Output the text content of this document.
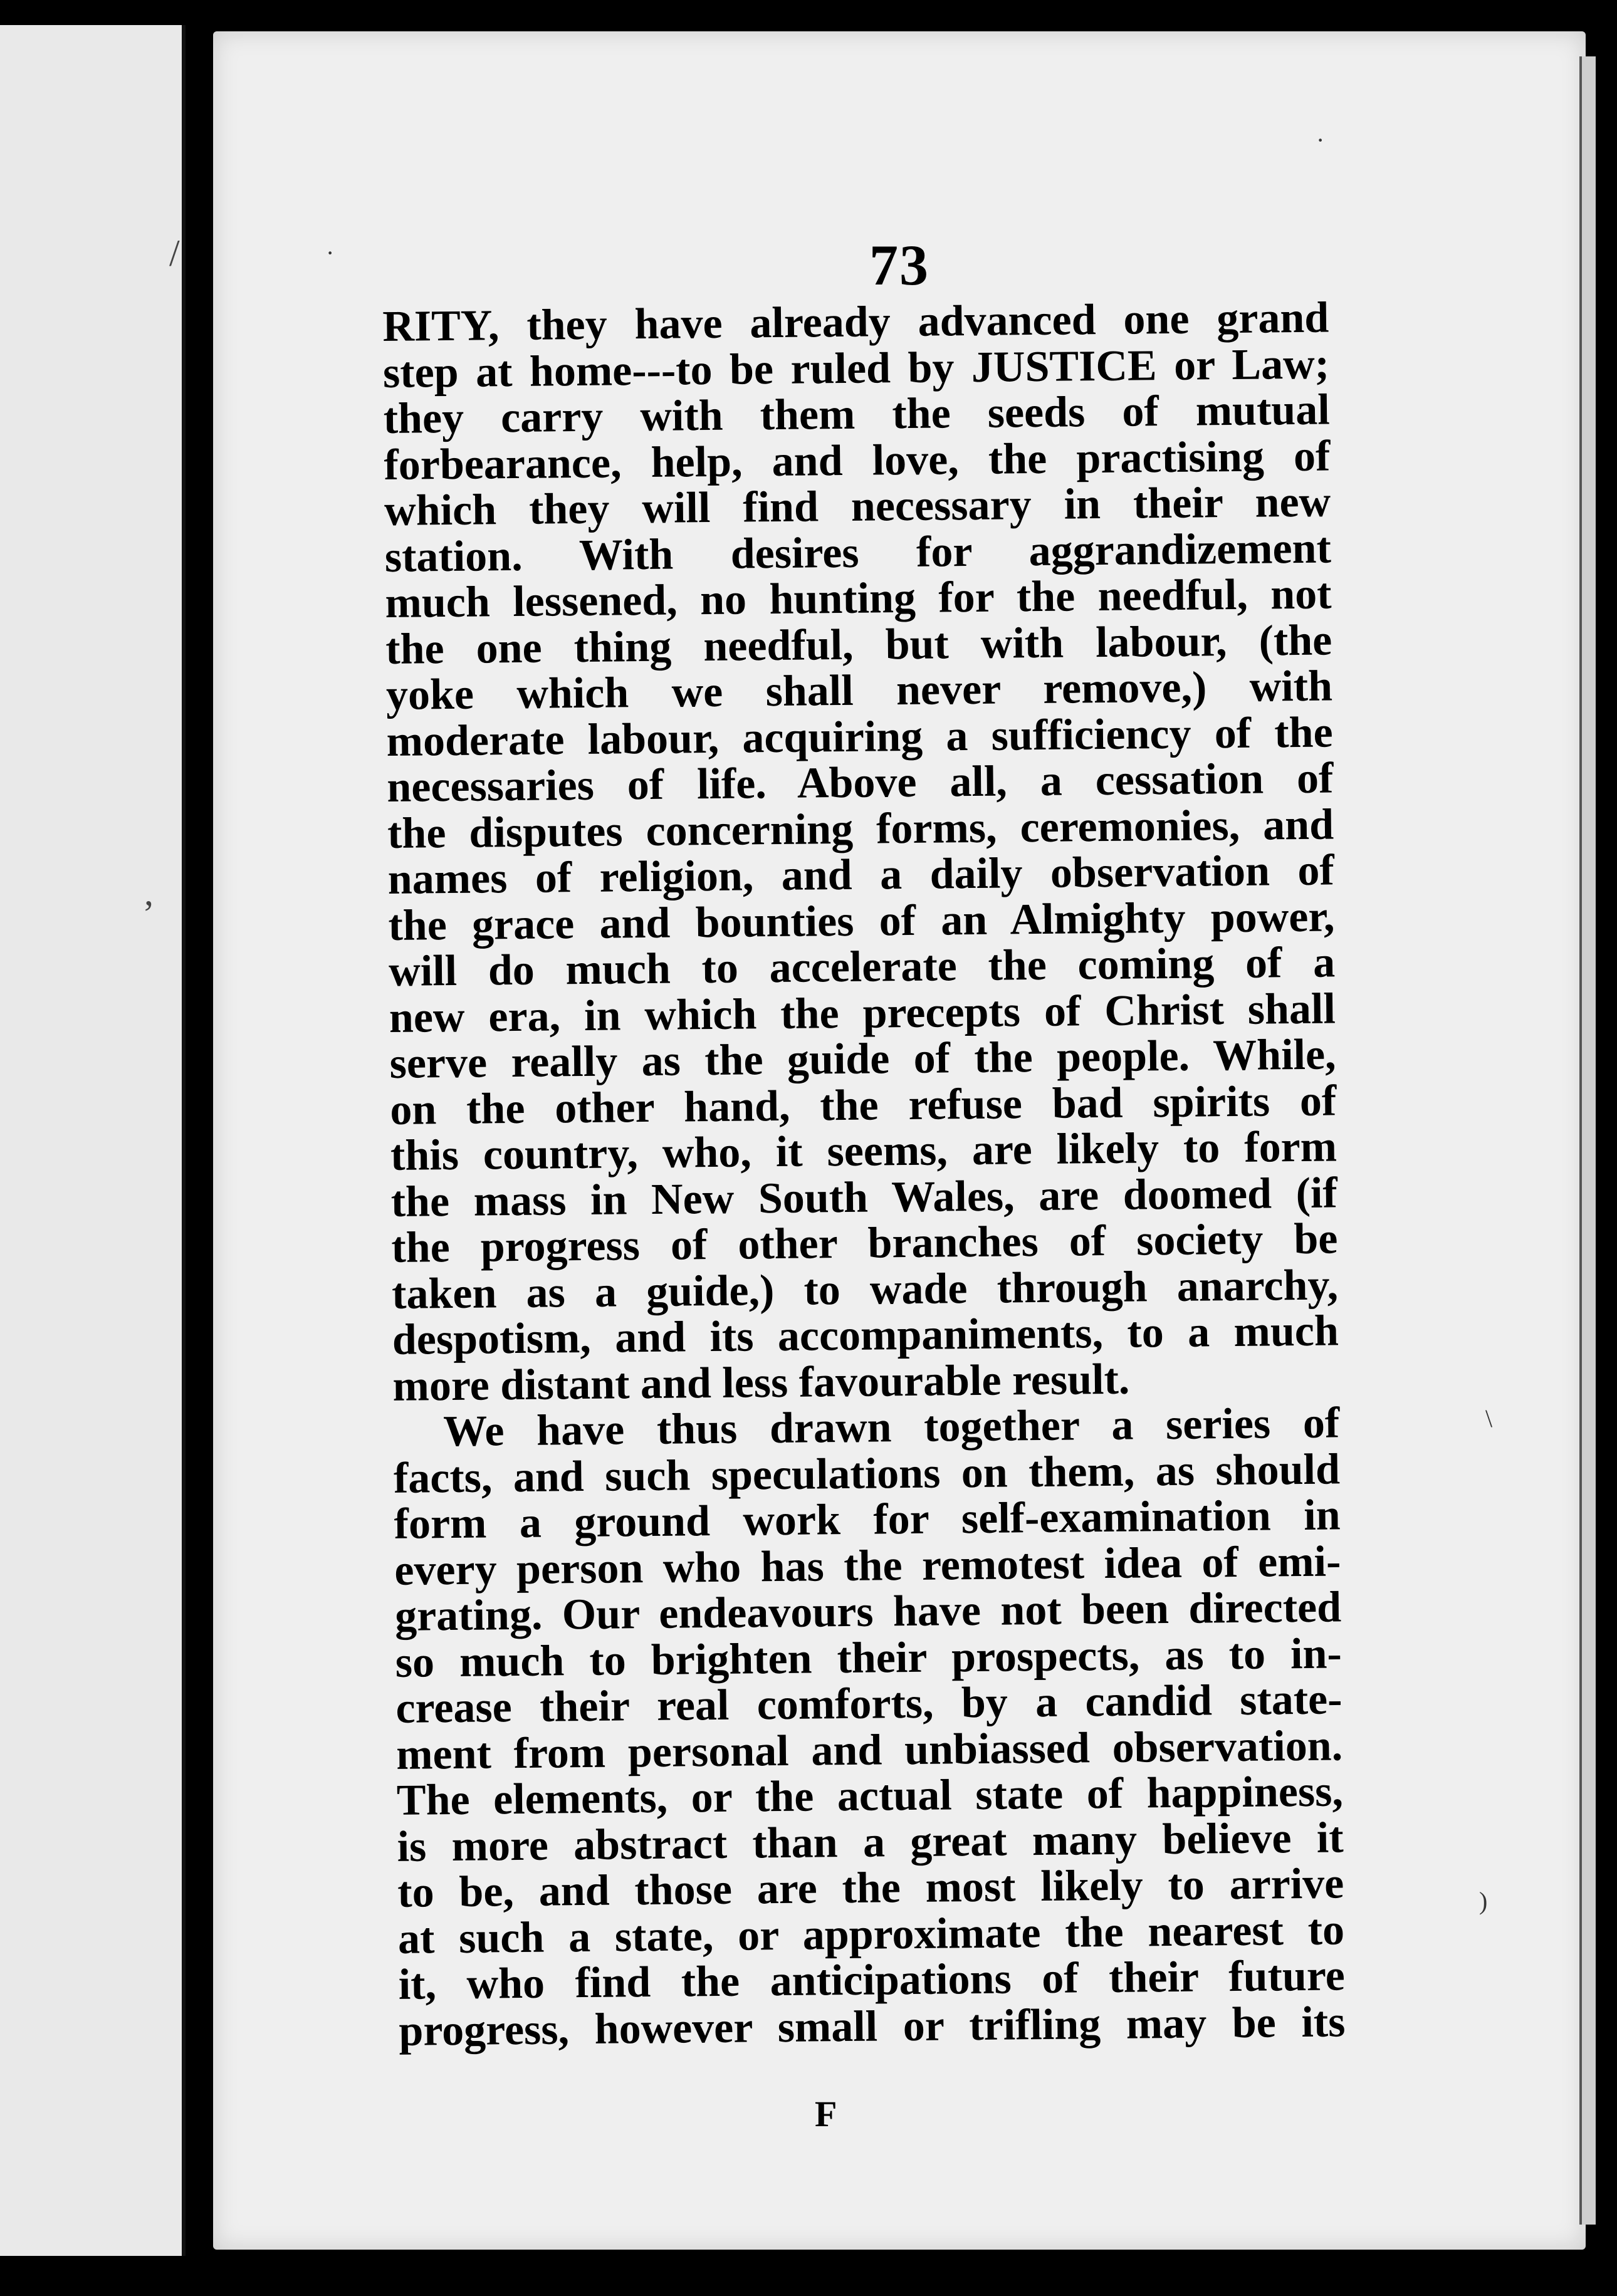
/
,
73
RITY, they have already advanced one grand
step at home---to be ruled by JUSTICE or Law;
they carry with them the seeds of mutual
forbearance, help, and love, the practising of
which they will find necessary in their new
station. With desires for aggrandizement
much lessened, no hunting for the needful, not
the one thing needful, but with labour, (the
yoke which we shall never remove,) with
moderate labour, acquiring a sufficiency of the
necessaries of life. Above all, a cessation of
the disputes concerning forms, ceremonies, and
names of religion, and a daily observation of
the grace and bounties of an Almighty power,
will do much to accelerate the coming of a
new era, in which the precepts of Christ shall
serve really as the guide of the people. While,
on the other hand, the refuse bad spirits of
this country, who, it seems, are likely to form
the mass in New South Wales, are doomed (if
the progress of other branches of society be
taken as a guide,) to wade through anarchy,
despotism, and its accompaniments, to a much
more distant and less favourable result.
We have thus drawn together a series of
facts, and such speculations on them, as should
form a ground work for self-examination in
every person who has the remotest idea of emi-
grating. Our endeavours have not been directed
so much to brighten their prospects, as to in-
crease their real comforts, by a candid state-
ment from personal and unbiassed observation.
The elements, or the actual state of happiness,
is more abstract than a great many believe it
to be, and those are the most likely to arrive
at such a state, or approximate the nearest to
it, who find the anticipations of their future
progress, however small or trifling may be its
F
·
·
\
)
